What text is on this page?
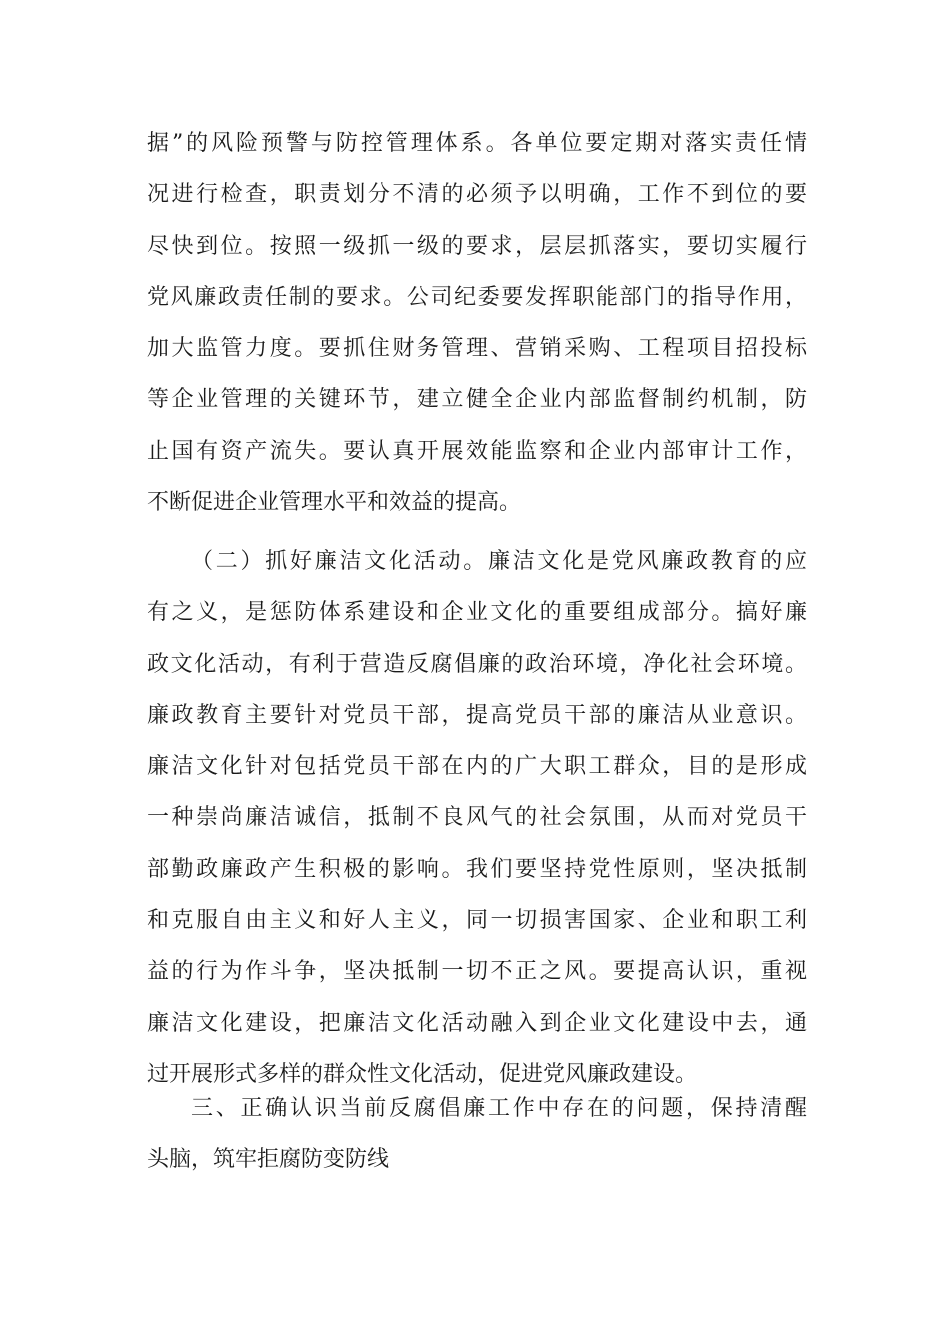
据”的风险预警与防控管理体系。各单位要定期对落实责任情
况进行检查，职责划分不清的必须予以明确，工作不到位的要
尽快到位。按照一级抓一级的要求，层层抓落实，要切实履行
党风廉政责任制的要求。公司纪委要发挥职能部门的指导作用，
加大监管力度。要抓住财务管理、营销采购、工程项目招投标
等企业管理的关键环节，建立健全企业内部监督制约机制，防
止国有资产流失。要认真开展效能监察和企业内部审计工作，
不断促进企业管理水平和效益的提高。
（二）抓好廉洁文化活动。廉洁文化是党风廉政教育的应
有之义，是惩防体系建设和企业文化的重要组成部分。搞好廉
政文化活动，有利于营造反腐倡廉的政治环境，净化社会环境。
廉政教育主要针对党员干部，提高党员干部的廉洁从业意识。
廉洁文化针对包括党员干部在内的广大职工群众，目的是形成
一种崇尚廉洁诚信，抵制不良风气的社会氛围，从而对党员干
部勤政廉政产生积极的影响。我们要坚持党性原则，坚决抵制
和克服自由主义和好人主义，同一切损害国家、企业和职工利
益的行为作斗争，坚决抵制一切不正之风。要提高认识，重视
廉洁文化建设，把廉洁文化活动融入到企业文化建设中去，通
过开展形式多样的群众性文化活动，促进党风廉政建设。
三、正确认识当前反腐倡廉工作中存在的问题，保持清醒
头脑，筑牢拒腐防变防线
